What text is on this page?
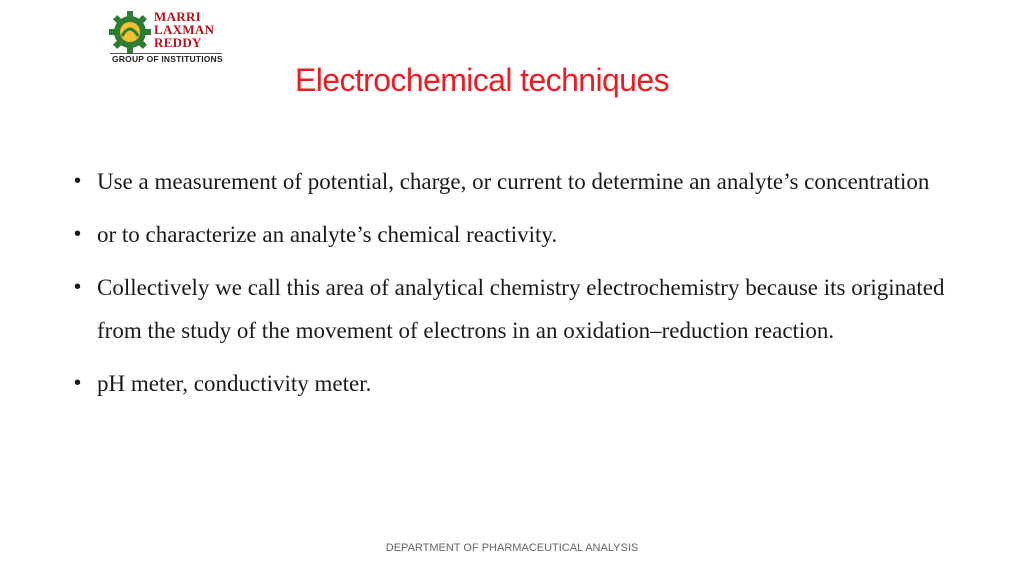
MARRI
LAXMAN
REDDY
GROUP OF INSTITUTIONS
Electrochemical techniques
• Use a measurement of potential, charge, or current to determine an analyte’s concentration
• or to characterize an analyte’s chemical reactivity.
• Collectively we call this area of analytical chemistry electrochemistry because its originated from the study of the movement of electrons in an oxidation–reduction reaction.
• pH meter, conductivity meter.
DEPARTMENT OF PHARMACEUTICAL ANALYSIS
